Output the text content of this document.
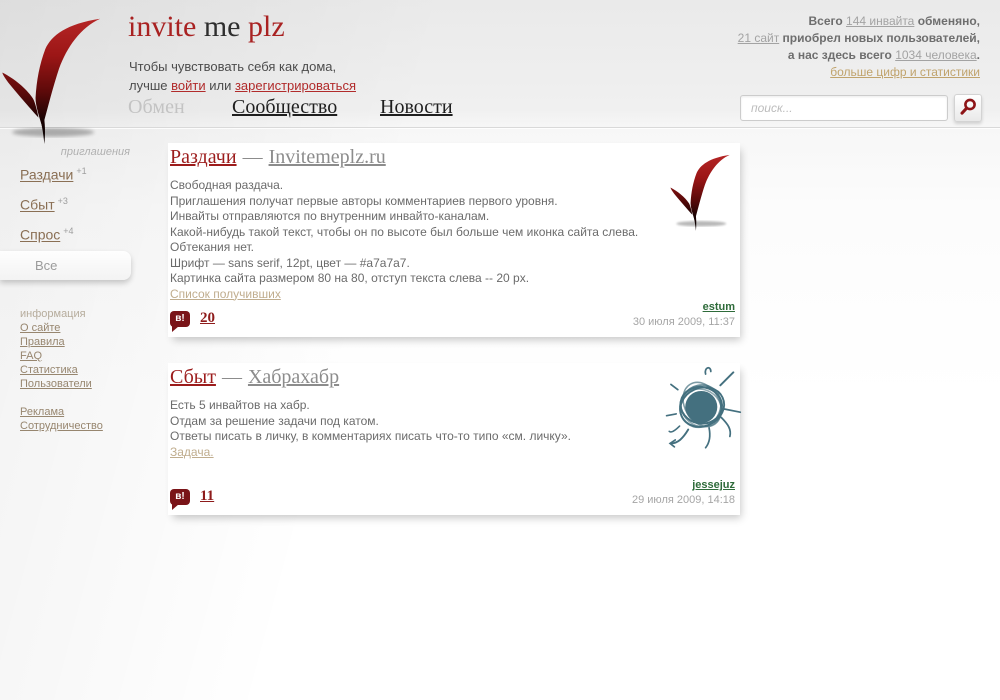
invite me plz

Чтобы чувствовать себя как дома,
лучше войти или зарегистрироваться

Обмен Сообщество Новости
Всего 144 инвайта обменяно,
21 сайт приобрел новых пользователей,
а нас здесь всего 1034 человека.
больше цифр и статистики
поиск...
приглашения
Раздачи $^{+1}$
Сбыт $^{+3}$
Спрос $^{+4}$
Все
информация
О сайте
Правила
FAQ
Статистика
Пользователи
Реклама
Сотрудничество
Раздачи — Invitemeplz.ru
Свободная раздача.
Приглашения получат первые авторы комментариев первого уровня.
Инвайты отправляются по внутренним инвайто-каналам.
Какой-нибудь такой текст, чтобы он по высоте был больше чем иконка сайта слева.
Обтекания нет.
Шрифт — sans serif, 12pt, цвет — #a7a7a7.
Картинка сайта размером 80 на 80, отступ текста слева -- 20 px.
Список получивших
в!	20
estum
30 июля 2009, 11:37
Сбыт — Хабрахабр
Есть 5 инвайтов на хабр.
Отдам за решение задачи под катом.
Ответы писать в личку, в комментариях писать что-то типо «см. личку».
Задача.
в!	11
jessejuz
29 июля 2009, 14:18
